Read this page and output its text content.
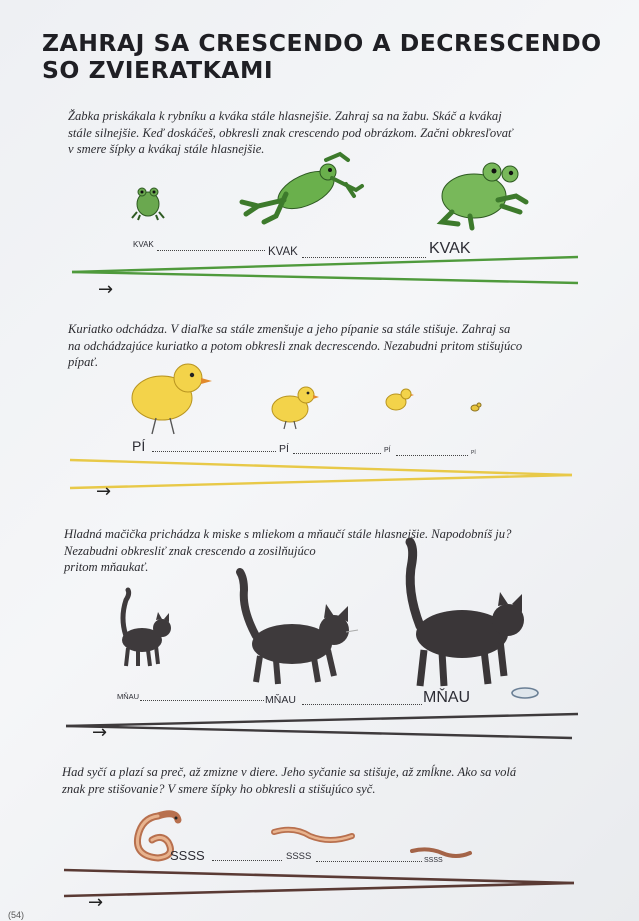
ZAHRAJ SA CRESCENDO A DECRESCENDO
SO ZVIERATKAMI
Žabka priskákala k rybníku a kváka stále hlasnejšie. Zahraj sa na žabu. Skáč a kvákaj
stále silnejšie. Keď doskáčeš, obkresli znak crescendo pod obrázkom. Začni obkresľovať
v smere šípky a kvákaj stále hlasnejšie.
KVAK
KVAK	KVAK
→
Kuriatko odchádza. V diaľke sa stále zmenšuje a jeho pípanie sa stále stišuje. Zahraj sa
na odchádzajúce kuriatko a potom obkresli znak decrescendo. Nezabudni pritom stišujúco
pípať.
PÍ	PÍ	PÍ	PÍ
→
Hladná mačička prichádza k miske s mliekom a mňaučí stále hlasnejšie. Napodobníš ju?
Nezabudni obkresliť znak crescendo a zosilňujúco
pritom mňaukať.
MŇAU	MŇAU	MŇAU
→
Had syčí a plazí sa preč, až zmizne v diere. Jeho syčanie sa stišuje, až zmĺkne. Ako sa volá
znak pre stišovanie? V smere šípky ho obkresli a stišujúco syč.
SSSS	SSSS	SSSS
→
(54)
